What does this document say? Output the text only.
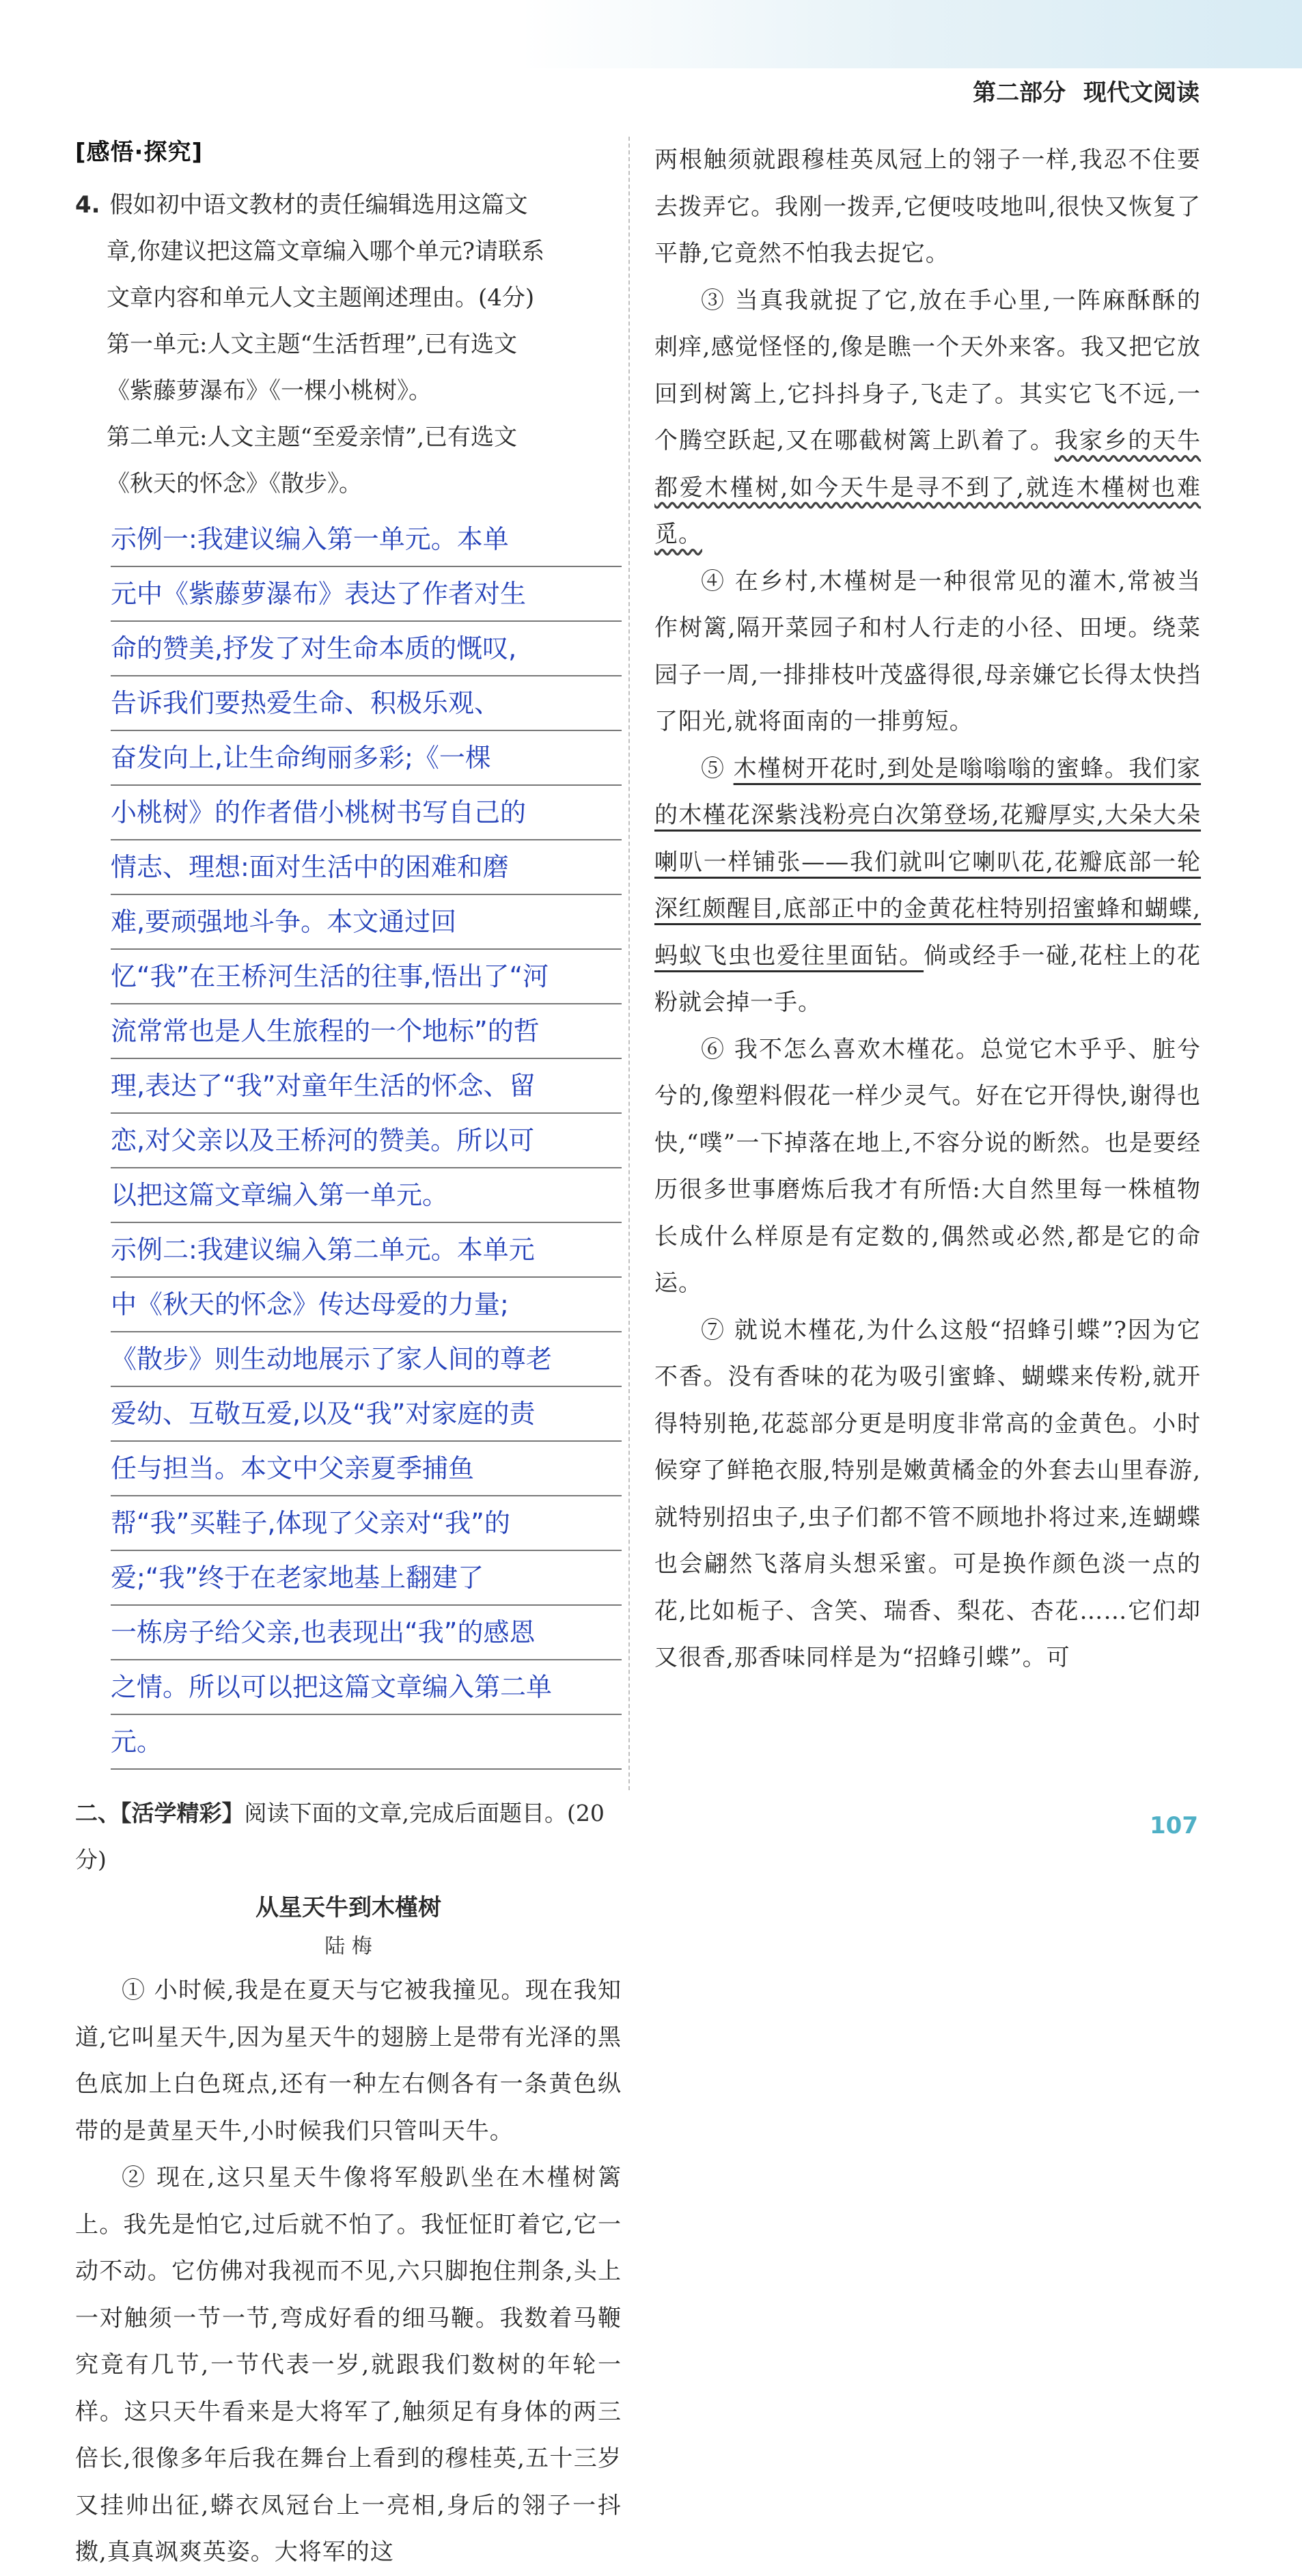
第二部分 现代文阅读
[感悟·探究]

4. 假如初中语文教材的责任编辑选用这篇文

章,你建议把这篇文章编入哪个单元?请联系

文章内容和单元人文主题阐述理由。(4分)

第一单元:人文主题“生活哲理”,已有选文

《紫藤萝瀑布》《一棵小桃树》。

第二单元:人文主题“至爱亲情”,已有选文

《秋天的怀念》《散步》。

示例一:我建议编入第一单元。本单
元中《紫藤萝瀑布》表达了作者对生
命的赞美,抒发了对生命本质的慨叹,
告诉我们要热爱生命、积极乐观、
奋发向上,让生命绚丽多彩;《一棵
小桃树》的作者借小桃树书写自己的
情志、理想:面对生活中的困难和磨
难,要顽强地斗争。本文通过回
忆“我”在王桥河生活的往事,悟出了“河
流常常也是人生旅程的一个地标”的哲
理,表达了“我”对童年生活的怀念、留
恋,对父亲以及王桥河的赞美。所以可
以把这篇文章编入第一单元。
示例二:我建议编入第二单元。本单元
中《秋天的怀念》传达母爱的力量;
《散步》则生动地展示了家人间的尊老
爱幼、互敬互爱,以及“我”对家庭的责
任与担当。本文中父亲夏季捕鱼
帮“我”买鞋子,体现了父亲对“我”的
爱;“我”终于在老家地基上翻建了
一栋房子给父亲,也表现出“我”的感恩
之情。所以可以把这篇文章编入第二单
元。
二、【活学精彩】阅读下面的文章,完成后面题目。(20分)
从星天牛到木槿树
陆 梅

① 小时候,我是在夏天与它被我撞见。现在我知道,它叫星天牛,因为星天牛的翅膀上是带有光泽的黑色底加上白色斑点,还有一种左右侧各有一条黄色纵带的是黄星天牛,小时候我们只管叫天牛。

② 现在,这只星天牛像将军般趴坐在木槿树篱上。我先是怕它,过后就不怕了。我怔怔盯着它,它一动不动。它仿佛对我视而不见,六只脚抱住荆条,头上一对触须一节一节,弯成好看的细马鞭。我数着马鞭究竟有几节,一节代表一岁,就跟我们数树的年轮一样。这只天牛看来是大将军了,触须足有身体的两三倍长,很像多年后我在舞台上看到的穆桂英,五十三岁又挂帅出征,蟒衣凤冠台上一亮相,身后的翎子一抖擞,真真飒爽英姿。大将军的这

两根触须就跟穆桂英凤冠上的翎子一样,我忍不住要去拨弄它。我刚一拨弄,它便吱吱地叫,很快又恢复了平静,它竟然不怕我去捉它。

③ 当真我就捉了它,放在手心里,一阵麻酥酥的刺痒,感觉怪怪的,像是瞧一个天外来客。我又把它放回到树篱上,它抖抖身子,飞走了。其实它飞不远,一个腾空跃起,又在哪截树篱上趴着了。我家乡的天牛都爱木槿树,如今天牛是寻不到了,就连木槿树也难觅。

④ 在乡村,木槿树是一种很常见的灌木,常被当作树篱,隔开菜园子和村人行走的小径、田埂。绕菜园子一周,一排排枝叶茂盛得很,母亲嫌它长得太快挡了阳光,就将面南的一排剪短。

⑤ 木槿树开花时,到处是嗡嗡嗡的蜜蜂。我们家的木槿花深紫浅粉亮白次第登场,花瓣厚实,大朵大朵喇叭一样铺张——我们就叫它喇叭花,花瓣底部一轮深红颇醒目,底部正中的金黄花柱特别招蜜蜂和蝴蝶,蚂蚁飞虫也爱往里面钻。倘或经手一碰,花柱上的花粉就会掉一手。

⑥ 我不怎么喜欢木槿花。总觉它木乎乎、脏兮兮的,像塑料假花一样少灵气。好在它开得快,谢得也快,“噗”一下掉落在地上,不容分说的断然。也是要经历很多世事磨炼后我才有所悟:大自然里每一株植物长成什么样原是有定数的,偶然或必然,都是它的命运。

⑦ 就说木槿花,为什么这般“招蜂引蝶”?因为它不香。没有香味的花为吸引蜜蜂、蝴蝶来传粉,就开得特别艳,花蕊部分更是明度非常高的金黄色。小时候穿了鲜艳衣服,特别是嫩黄橘金的外套去山里春游,就特别招虫子,虫子们都不管不顾地扑将过来,连蝴蝶也会翩然飞落肩头想采蜜。可是换作颜色淡一点的花,比如栀子、含笑、瑞香、梨花、杏花……它们却又很香,那香味同样是为“招蜂引蝶”。可

107
